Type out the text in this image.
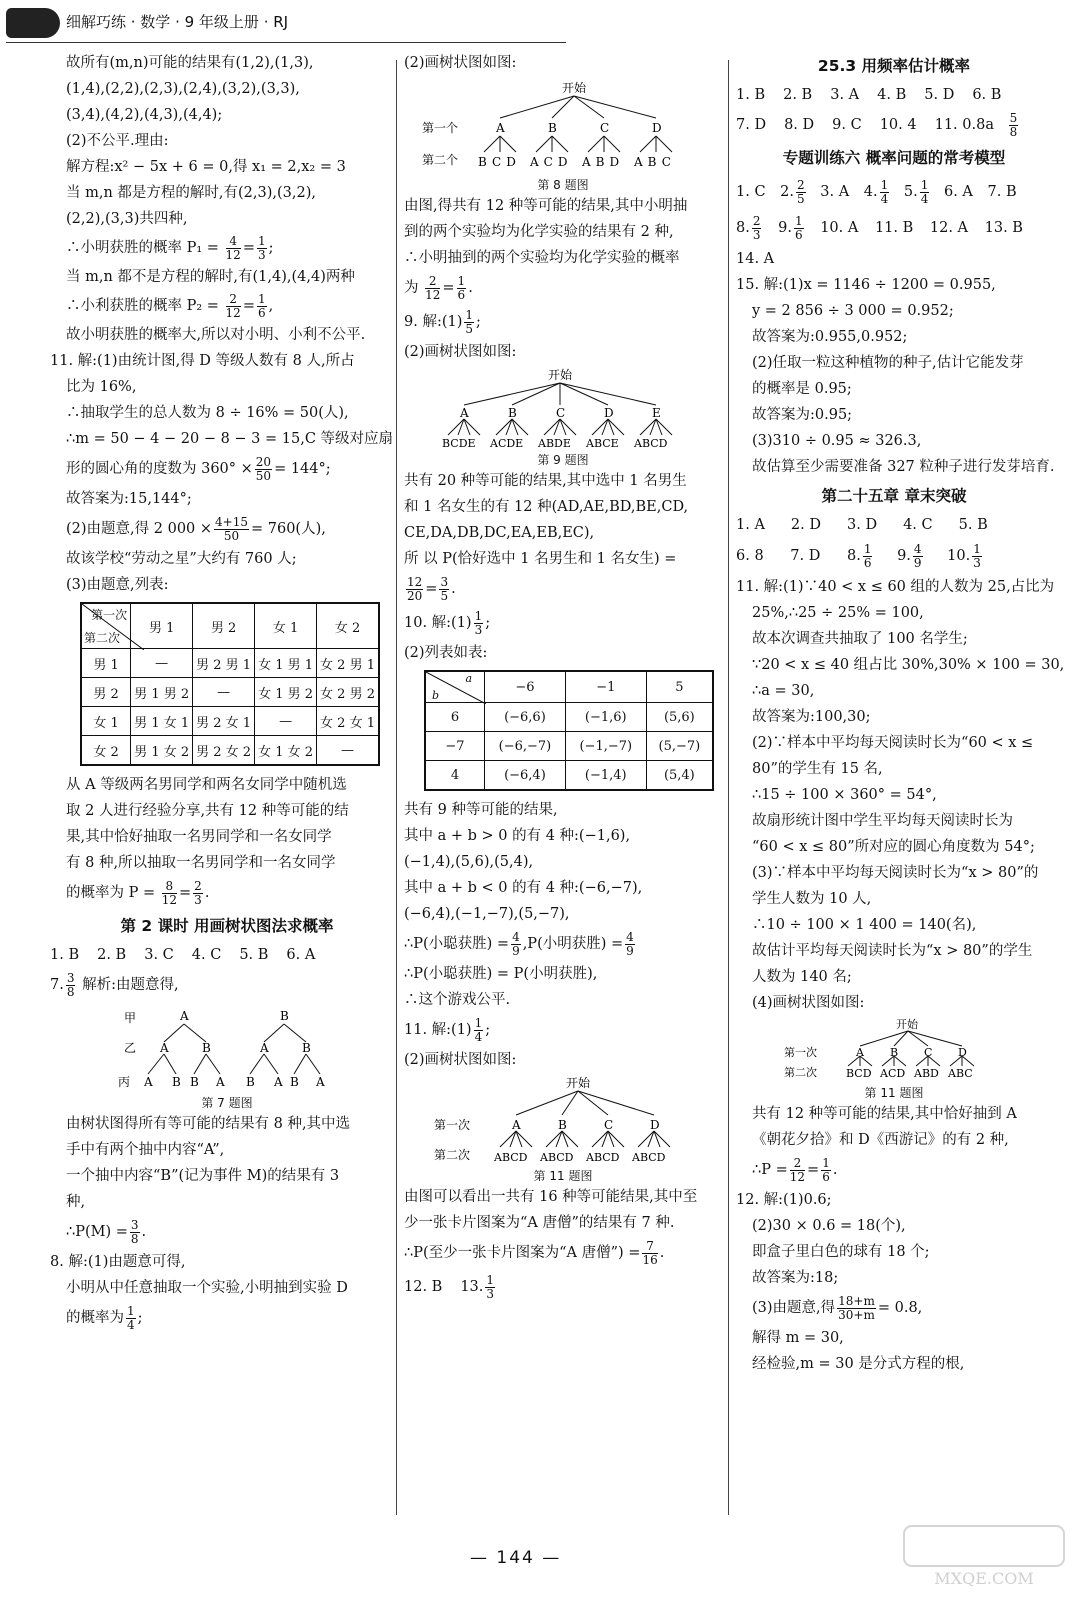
细解巧练 · 数学 · 9 年级上册 · RJ
故所有(m,n)可能的结果有(1,2),(1,3),
(1,4),(2,2),(2,3),(2,4),(3,2),(3,3),
(3,4),(4,2),(4,3),(4,4);
(2)不公平.理由:
解方程:x² − 5x + 6 = 0,得 x₁ = 2,x₂ = 3
当 m,n 都是方程的解时,有(2,3),(3,2),
(2,2),(3,3)共四种,
∴小明获胜的概率 $P_1 = \frac{4}{12} = \frac{1}{3}$ ;
当 m,n 都不是方程的解时,有(1,4),(4,4)两种
∴小利获胜的概率 $P_2 = \frac{2}{12} = \frac{1}{6}$ ,
故小明获胜的概率大,所以对小明、小利不公平.
11. 解:(1)由统计图,得 D 等级人数有 8 人,所占
比为 16%,
∴抽取学生的总人数为 8 ÷ 16% = 50(人),
∴m = 50 − 4 − 20 − 8 − 3 = 15,C 等级对应扇
形的圆心角的度数为 $360^\circ \times \frac{20}{50} = 144^\circ$;
故答案为:15,144°;
(2)由题意,得 2 $000 \times \frac{4+15}{50} = 760$(人),
故该学校“劳动之星”大约有 760 人;
(3)由题意,列表:
第一次
第二次	男 1	男 2	女 1	女 2
男 1	—	男 2 男 1	女 1 男 1	女 2 男 1
男 2	男 1 男 2	—	女 1 男 2	女 2 男 2
女 1	男 1 女 1	男 2 女 1	—	女 2 女 1
女 2	男 1 女 2	男 2 女 2	女 1 女 2	—
从 A 等级两名男同学和两名女同学中随机选
取 2 人进行经验分享,共有 12 种等可能的结
果,其中恰好抽取一名男同学和一名女同学
有 8 种,所以抽取一名男同学和一名女同学
的概率为 $P = \frac{8}{12} = \frac{2}{3}$ .
第 2 课时 用画树状图法求概率
1. B 2. B 3. C 4. C 5. B 6. A
7. $\frac{3}{8}$ 解析:由题意得,
甲
乙
丙
A	B
A	B	A	B
A B B A B A B A
第 7 题图
由树状图得所有等可能的结果有 8 种,其中选
手中有两个抽中内容“A”,
一个抽中内容“B”(记为事件 M)的结果有 3
种,
∴P(M) = $\frac{3}{8}$ .
8. 解:(1)由题意可得,
小明从中任意抽取一个实验,小明抽到实验 D
的概率为 $\frac{1}{4}$ ;
(2)画树状图如图:
开始
第一个
第二个
A	B	C	D
BCD ACD ABD ABC
第 8 题图
由图,得共有 12 种等可能的结果,其中小明抽
到的两个实验均为化学实验的结果有 2 种,
∴小明抽到的两个实验均为化学实验的概率
为 $\frac{2}{12} = \frac{1}{6}$ .
9. 解:(1) $\frac{1}{5}$ ;
(2)画树状图如图:
开始
A	B	C	D	E
BCDE ACDE ABDE ABCE ABCD
第 9 题图
共有 20 种等可能的结果,其中选中 1 名男生
和 1 名女生的有 12 种(AD,AE,BD,BE,CD,
CE,DA,DB,DC,EA,EB,EC),
所 以 P(恰好选中 1 名男生和 1 名女生) =
$\frac{12}{20} = \frac{3}{5}$ .
10. 解:(1) $\frac{1}{3}$ ;
(2)列表如表:
a
b	−6	−1	5
6	(−6,6)	(−1,6)	(5,6)
−7	(−6,−7)	(−1,−7)	(5,−7)
4	(−6,4)	(−1,4)	(5,4)
共有 9 种等可能的结果,
其中 a + b > 0 的有 4 种:(−1,6),
(−1,4),(5,6),(5,4),
其中 a + b < 0 的有 4 种:(−6,−7),
(−6,4),(−1,−7),(5,−7),
∴P(小聪获胜) = $\frac{4}{9} ,P$(小明获胜) = $\frac{4}{9}$
∴P(小聪获胜) = P(小明获胜),
∴这个游戏公平.
11. 解:(1) $\frac{1}{4}$ ;
(2)画树状图如图:
开始
第一次
第二次
A	B	C	D
ABCD ABCD ABCD ABCD
第 11 题图
由图可以看出一共有 16 种等可能结果,其中至
少一张卡片图案为“A 唐僧”的结果有 7 种.
∴P(至少一张卡片图案为“A 唐僧”) = $\frac{7}{16}$ .
12. B 13. $\frac{1}{3}$
25.3 用频率估计概率
1. B 2. B 3. A 4. B 5. D 6. B
7. D 8. D 9. C 10. 4 11. $0.8a \frac{5}{8}$
专题训练六 概率问题的常考模型
1. C 2. $\frac{2}{5} 3$. A 4. $\frac{1}{4} 5$. $\frac{1}{4} 6$. A 7. B
8. $\frac{2}{3} 9$. $\frac{1}{6} 10$. A 11. B 12. A 13. B
14. A
15. 解:(1)x = 1146 ÷ 1200 = 0.955,
y = 2 856 ÷ 3 000 = 0.952;
故答案为:0.955,0.952;
(2)任取一粒这种植物的种子,估计它能发芽
的概率是 0.95;
故答案为:0.95;
(3)310 ÷ 0.95 ≈ 326.3,
故估算至少需要准备 327 粒种子进行发芽培育.
第二十五章 章末突破
1. A 2. D 3. D 4. C 5. B
6. 8 7. D 8. $\frac{1}{6} 9$. $\frac{4}{9} 10$. $\frac{1}{3}$
11. 解:(1)∵40 < x ≤ 60 组的人数为 25,占比为
25%,∴25 ÷ 25% = 100,
故本次调查共抽取了 100 名学生;
∵20 < x ≤ 40 组占比 30%,30% × 100 = 30,
∴a = 30,
故答案为:100,30;
(2)∵样本中平均每天阅读时长为“60 < x ≤
80”的学生有 15 名,
∴15 ÷ 100 × 360° = 54°,
故扇形统计图中学生平均每天阅读时长为
“60 < x ≤ 80”所对应的圆心角度数为 54°;
(3)∵样本中平均每天阅读时长为“x > 80”的
学生人数为 10 人,
∴10 ÷ 100 × 1 400 = 140(名),
故估计平均每天阅读时长为“x > 80”的学生
人数为 140 名;
(4)画树状图如图:
开始
第一次
第二次
A B C D
BCD ACD ABD ABC
第 11 题图
共有 12 种等可能的结果,其中恰好抽到 A
《朝花夕拾》和 D《西游记》的有 2 种,
∴P = $\frac{2}{12} = \frac{1}{6}$ .
12. 解:(1)0.6;
(2)30 × 0.6 = 18(个),
即盒子里白色的球有 18 个;
故答案为:18;
(3)由题意,得 $\frac{18+m}{30+m} = 0.8$,
解得 m = 30,
经检验,m = 30 是分式方程的根,
— 144 —
MXQE.COM
